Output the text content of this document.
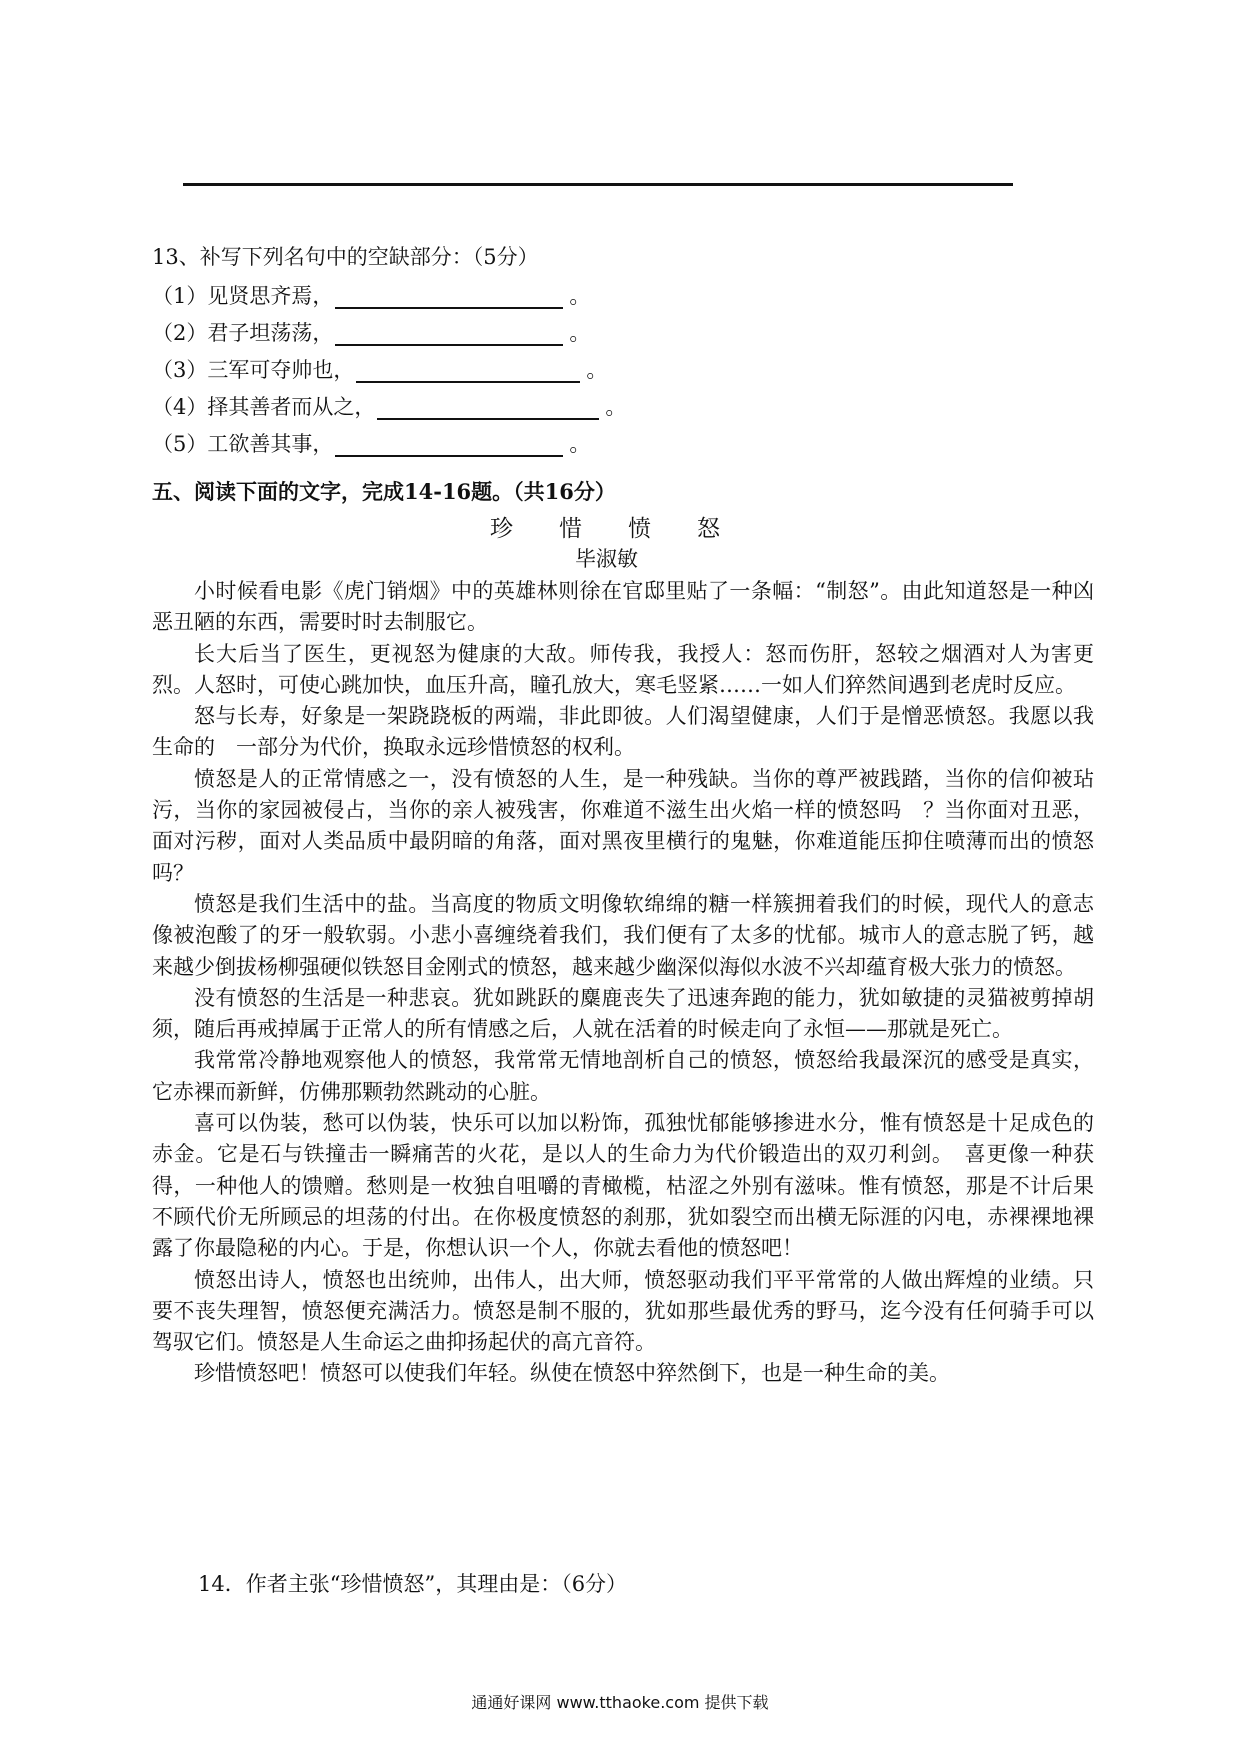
13、补写下列名句中的空缺部分：（5分）
（1）见贤思齐焉，	。
（2）君子坦荡荡，	。
（3）三军可夺帅也，	。
（4）择其善者而从之，	。
（5）工欲善其事，	。
五、阅读下面的文字，完成14-16题。（共16分）
珍惜愤怒
毕淑敏

小时候看电影《虎门销烟》中的英雄林则徐在官邸里贴了一条幅：“制怒”。由此知道怒是一种凶恶丑陋的东西，需要时时去制服它。

长大后当了医生，更视怒为健康的大敌。师传我，我授人：怒而伤肝，怒较之烟酒对人为害更烈。人怒时，可使心跳加快，血压升高，瞳孔放大，寒毛竖紧……一如人们猝然间遇到老虎时反应。

怒与长寿，好象是一架跷跷板的两端，非此即彼。人们渴望健康，人们于是憎恶愤怒。我愿以我生命的　一部分为代价，换取永远珍惜愤怒的权利。

愤怒是人的正常情感之一，没有愤怒的人生，是一种残缺。当你的尊严被践踏，当你的信仰被玷污，当你的家园被侵占，当你的亲人被残害，你难道不滋生出火焰一样的愤怒吗　？当你面对丑恶，面对污秽，面对人类品质中最阴暗的角落，面对黑夜里横行的鬼魅，你难道能压抑住喷薄而出的愤怒吗？

愤怒是我们生活中的盐。当高度的物质文明像软绵绵的糖一样簇拥着我们的时候，现代人的意志像被泡酸了的牙一般软弱。小悲小喜缠绕着我们，我们便有了太多的忧郁。城市人的意志脱了钙，越来越少倒拔杨柳强硬似铁怒目金刚式的愤怒，越来越少幽深似海似水波不兴却蕴育极大张力的愤怒。

没有愤怒的生活是一种悲哀。犹如跳跃的麋鹿丧失了迅速奔跑的能力，犹如敏捷的灵猫被剪掉胡须，随后再戒掉属于正常人的所有情感之后，人就在活着的时候走向了永恒——那就是死亡。

我常常冷静地观察他人的愤怒，我常常无情地剖析自己的愤怒，愤怒给我最深沉的感受是真实，它赤裸而新鲜，仿佛那颗勃然跳动的心脏。

喜可以伪装，愁可以伪装，快乐可以加以粉饰，孤独忧郁能够掺进水分，惟有愤怒是十足成色的赤金。它是石与铁撞击一瞬痛苦的火花，是以人的生命力为代价锻造出的双刃利剑。　喜更像一种获得，一种他人的馈赠。愁则是一枚独自咀嚼的青橄榄，枯涩之外别有滋味。惟有愤怒，那是不计后果不顾代价无所顾忌的坦荡的付出。在你极度愤怒的刹那，犹如裂空而出横无际涯的闪电，赤裸裸地裸露了你最隐秘的内心。于是，你想认识一个人，你就去看他的愤怒吧！

愤怒出诗人，愤怒也出统帅，出伟人，出大师，愤怒驱动我们平平常常的人做出辉煌的业绩。只要不丧失理智，愤怒便充满活力。愤怒是制不服的，犹如那些最优秀的野马，迄今没有任何骑手可以驾驭它们。愤怒是人生命运之曲抑扬起伏的高亢音符。

珍惜愤怒吧！愤怒可以使我们年轻。纵使在愤怒中猝然倒下，也是一种生命的美。

14．作者主张“珍惜愤怒”，其理由是：（6分）
通通好课网 www.tthaoke.com 提供下载
